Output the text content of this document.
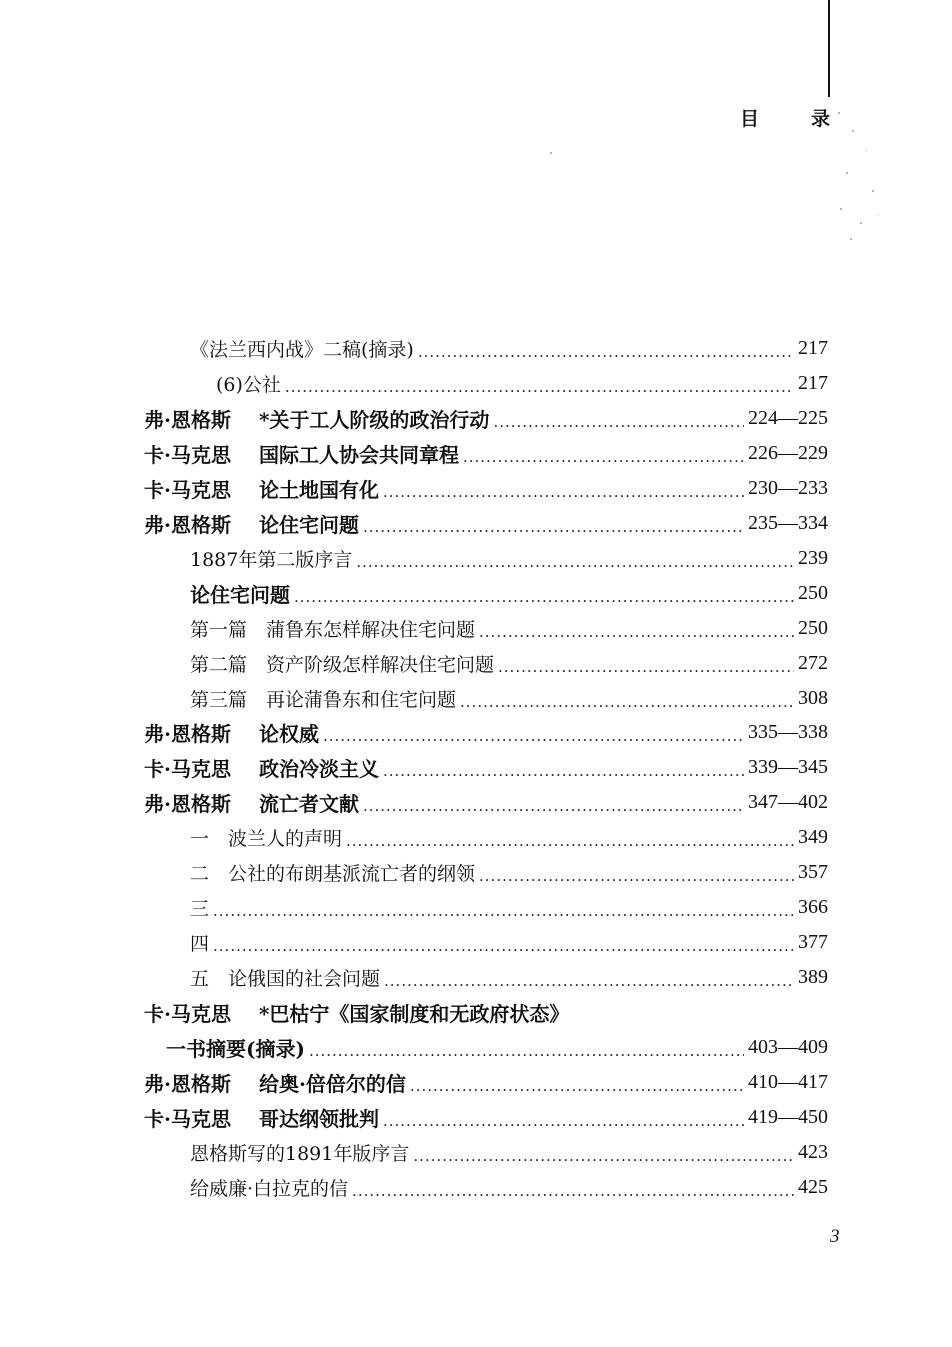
目	录
《法兰西内战》二稿(摘录) .....	217
(6)公社 .....	217
弗·恩格斯 *关于工人阶级的政治行动 .....	224—225
卡·马克思 国际工人协会共同章程 .....	226—229
卡·马克思 论土地国有化 .....	230—233
弗·恩格斯 论住宅问题 .....	235—334
1887年第二版序言 .....	239
论住宅问题 .....	250
第一篇　蒲鲁东怎样解决住宅问题 .....	250
第二篇　资产阶级怎样解决住宅问题 .....	272
第三篇　再论蒲鲁东和住宅问题 .....	308
弗·恩格斯 论权威 .....	335—338
卡·马克思 政治冷淡主义 .....	339—345
弗·恩格斯 流亡者文献 .....	347—402
一　波兰人的声明 .....	349
二　公社的布朗基派流亡者的纲领 .....	357
三 .....	366
四 .....	377
五　论俄国的社会问题 .....	389
卡·马克思 *巴枯宁《国家制度和无政府状态》
一书摘要(摘录) .....	403—409
弗·恩格斯 给奥·倍倍尔的信 .....	410—417
卡·马克思 哥达纲领批判 .....	419—450
恩格斯写的1891年版序言 .....	423
给威廉·白拉克的信 .....	425
3
